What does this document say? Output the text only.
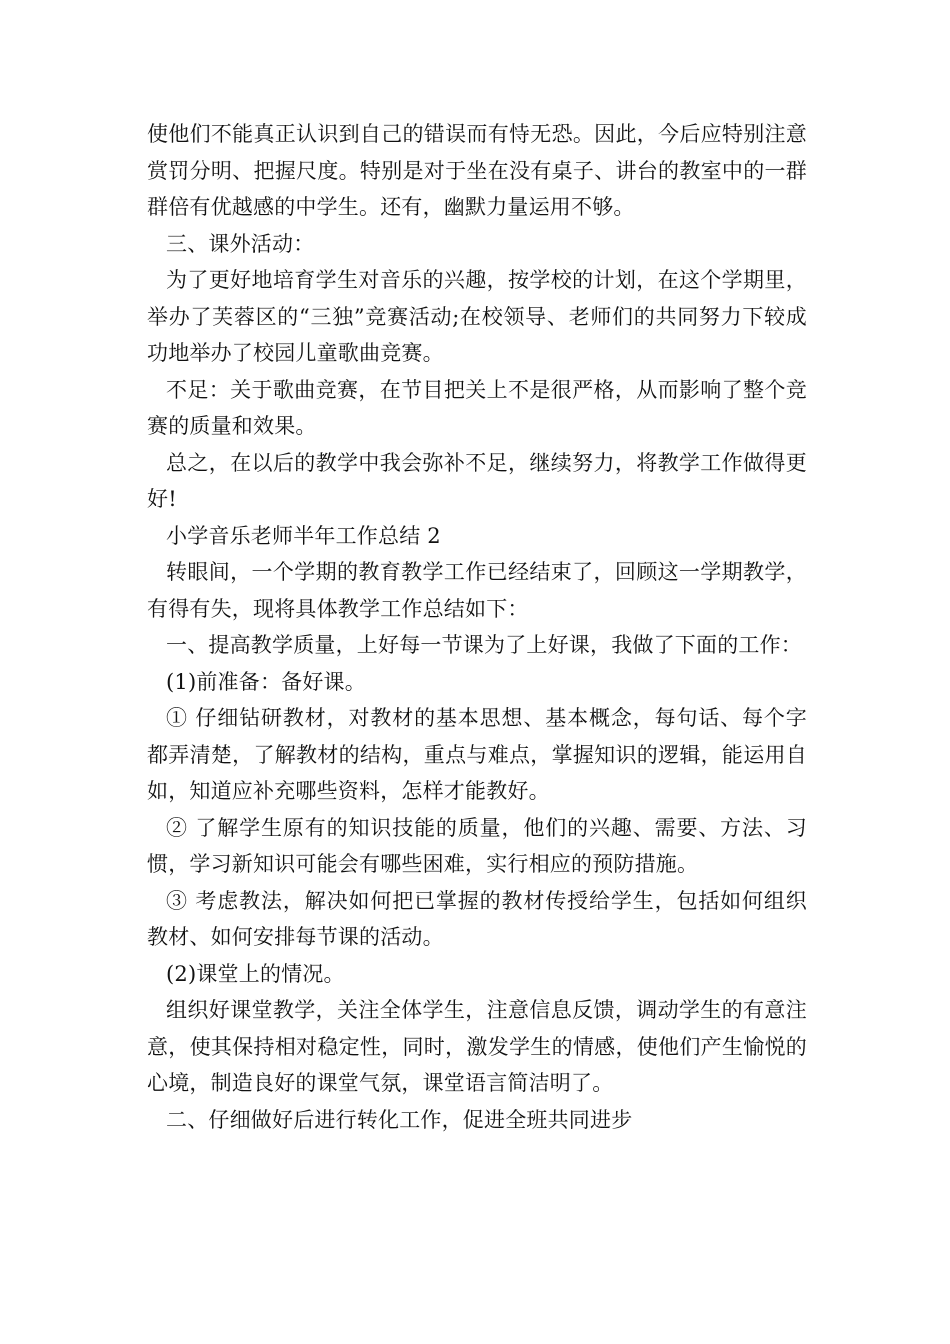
使他们不能真正认识到自己的错误而有恃无恐。因此，今后应特别注意赏罚分明、把握尺度。特别是对于坐在没有桌子、讲台的教室中的一群群倍有优越感的中学生。还有，幽默力量运用不够。

三、课外活动：

为了更好地培育学生对音乐的兴趣，按学校的计划，在这个学期里，举办了芙蓉区的“三独”竞赛活动;在校领导、老师们的共同努力下较成功地举办了校园儿童歌曲竞赛。

不足：关于歌曲竞赛，在节目把关上不是很严格，从而影响了整个竞赛的质量和效果。

总之，在以后的教学中我会弥补不足，继续努力，将教学工作做得更好!

小学音乐老师半年工作总结 2

转眼间，一个学期的教育教学工作已经结束了，回顾这一学期教学，有得有失，现将具体教学工作总结如下：

一、提高教学质量，上好每一节课为了上好课，我做了下面的工作：

(1)前准备：备好课。

① 仔细钻研教材，对教材的基本思想、基本概念，每句话、每个字都弄清楚，了解教材的结构，重点与难点，掌握知识的逻辑，能运用自如，知道应补充哪些资料，怎样才能教好。

② 了解学生原有的知识技能的质量，他们的兴趣、需要、方法、习惯，学习新知识可能会有哪些困难，实行相应的预防措施。

③ 考虑教法，解决如何把已掌握的教材传授给学生，包括如何组织教材、如何安排每节课的活动。

(2)课堂上的情况。

组织好课堂教学，关注全体学生，注意信息反馈，调动学生的有意注意，使其保持相对稳定性，同时，激发学生的情感，使他们产生愉悦的心境，制造良好的课堂气氛，课堂语言简洁明了。

二、仔细做好后进行转化工作，促进全班共同进步
